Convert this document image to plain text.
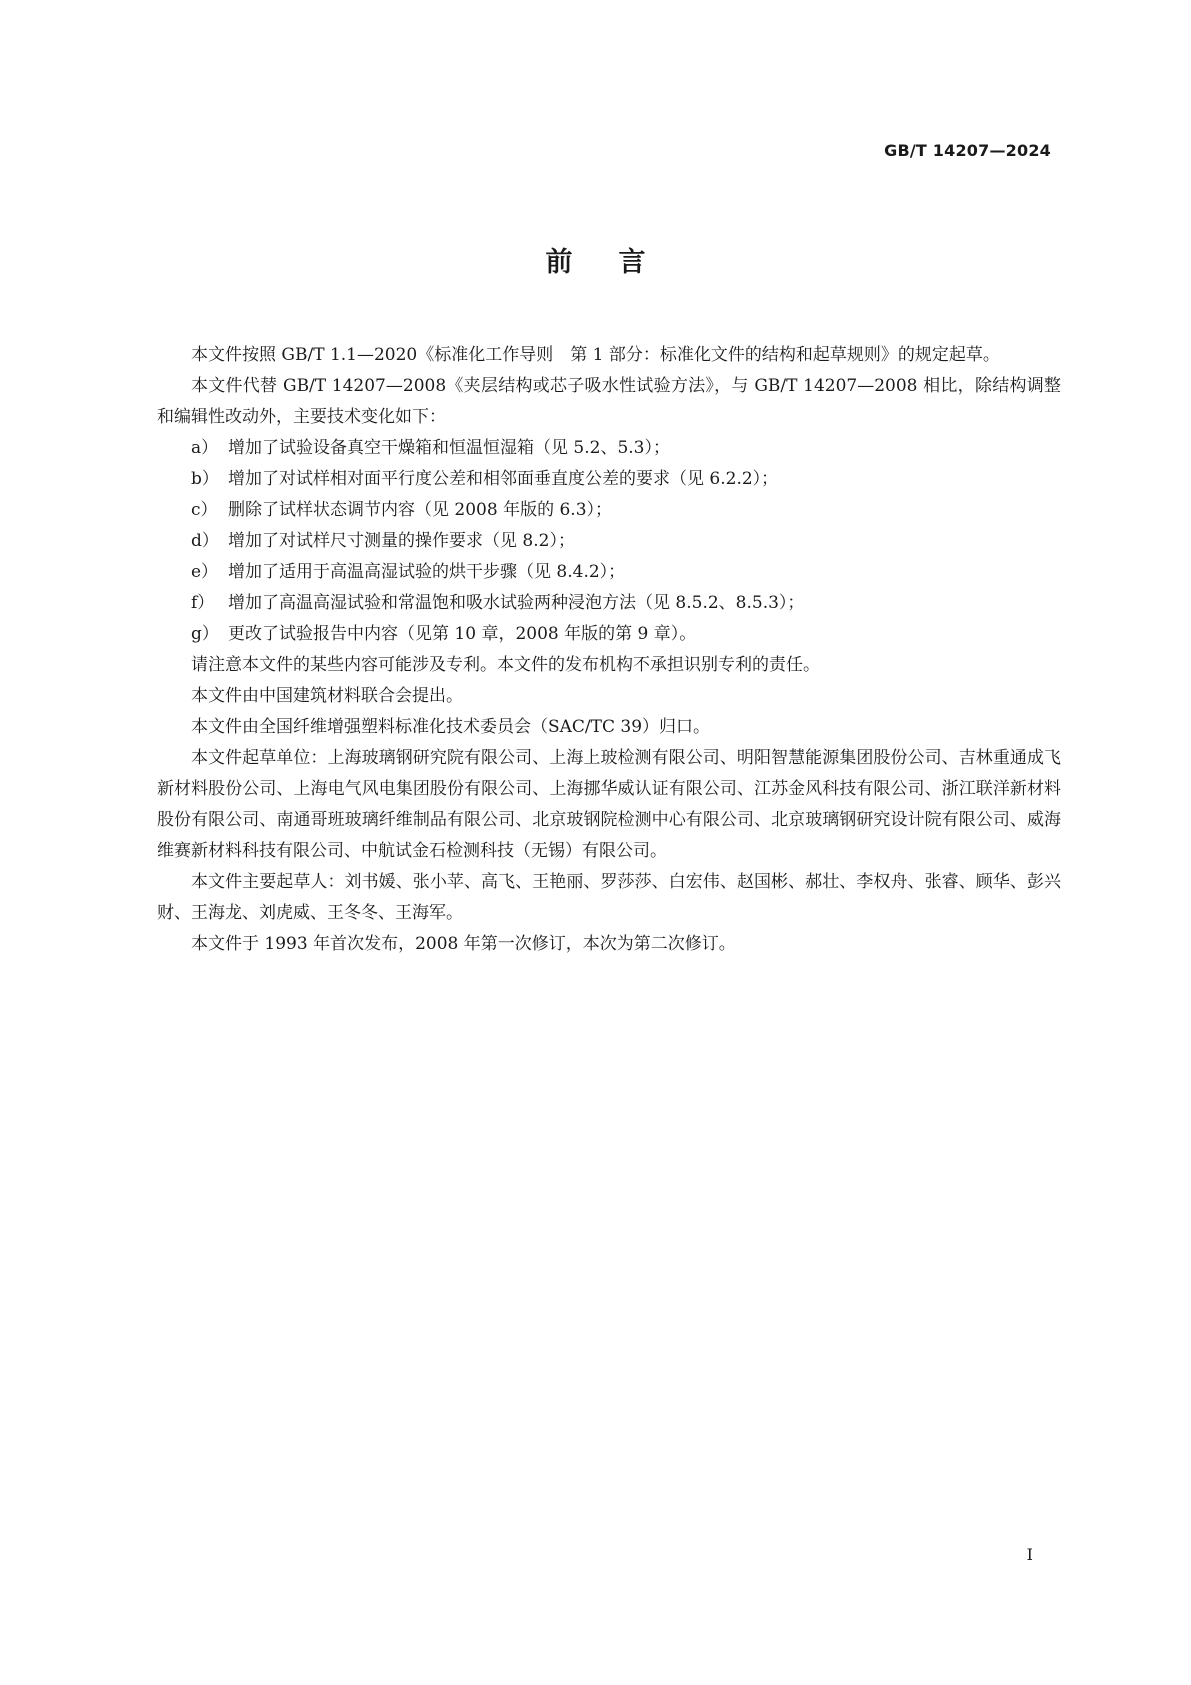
GB/T 14207—2024
前言

本文件按照 GB/T 1.1—2020《标准化工作导则　第 1 部分：标准化文件的结构和起草规则》的规定起草。

本文件代替 GB/T 14207—2008《夹层结构或芯子吸水性试验方法》，与 GB/T 14207—2008 相比，除结构调整和编辑性改动外，主要技术变化如下：

a） 增加了试验设备真空干燥箱和恒温恒湿箱（见 5.2、5.3）；
b） 增加了对试样相对面平行度公差和相邻面垂直度公差的要求（见 6.2.2）；
c） 删除了试样状态调节内容（见 2008 年版的 6.3）；
d） 增加了对试样尺寸测量的操作要求（见 8.2）；
e） 增加了适用于高温高湿试验的烘干步骤（见 8.4.2）；
f） 增加了高温高湿试验和常温饱和吸水试验两种浸泡方法（见 8.5.2、8.5.3）；
g） 更改了试验报告中内容（见第 10 章，2008 年版的第 9 章）。

请注意本文件的某些内容可能涉及专利。本文件的发布机构不承担识别专利的责任。

本文件由中国建筑材料联合会提出。

本文件由全国纤维增强塑料标准化技术委员会（SAC/TC 39）归口。

本文件起草单位：上海玻璃钢研究院有限公司、上海上玻检测有限公司、明阳智慧能源集团股份公司、吉林重通成飞新材料股份公司、上海电气风电集团股份有限公司、上海挪华威认证有限公司、江苏金风科技有限公司、浙江联洋新材料股份有限公司、南通哥班玻璃纤维制品有限公司、北京玻钢院检测中心有限公司、北京玻璃钢研究设计院有限公司、威海维赛新材料科技有限公司、中航试金石检测科技（无锡）有限公司。

本文件主要起草人：刘书媛、张小苹、高飞、王艳丽、罗莎莎、白宏伟、赵国彬、郝壮、李权舟、张睿、顾华、彭兴财、王海龙、刘虎威、王冬冬、王海军。

本文件于 1993 年首次发布，2008 年第一次修订，本次为第二次修订。

Ⅰ
